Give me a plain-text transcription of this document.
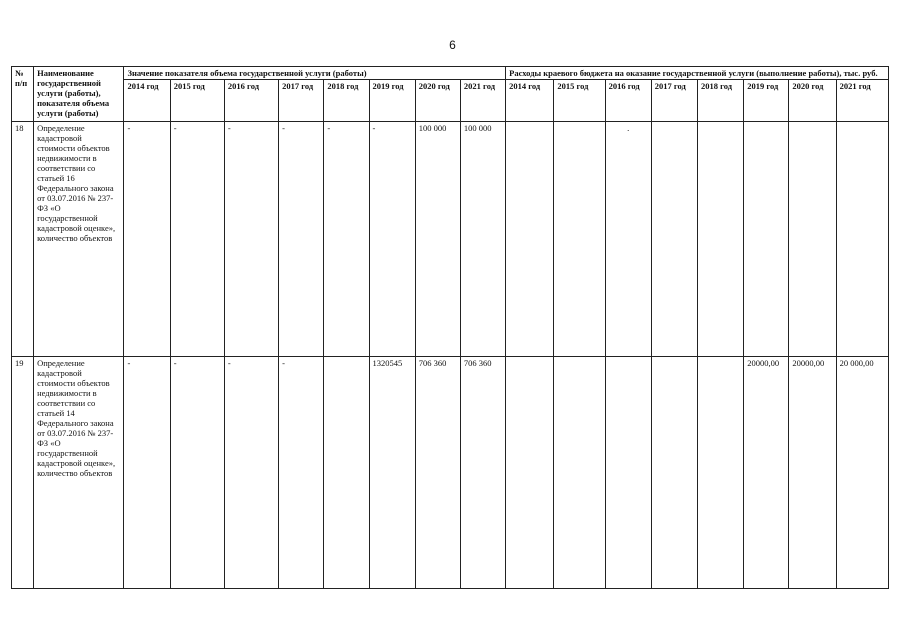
6
№ п/п	Наименование государственной услуги (работы), показателя объема услуги (работы)	Значение показателя объема государственной услуги (работы)								Расходы краевого бюджета на оказание государственной услуги (выполнение работы), тыс. руб.							
		2014 год	2015 год	2016 год	2017 год	2018 год	2019 год	2020 год	2021 год	2014 год	2015 год	2016 год	2017 год	2018 год	2019 год	2020 год	2021 год
18	Определение кадастровой стоимости объектов недвижимости в соответствии со статьей 16 Федерального закона от 03.07.2016 № 237-ФЗ «О государственной кадастровой оценке», количество объектов	-	-	-	-	-	-	100 000	100 000			.					
19	Определение кадастровой стоимости объектов недвижимости в соответствии со статьей 14 Федерального закона от 03.07.2016 № 237-ФЗ «О государственной кадастровой оценке», количество объектов	-	-	-	-		1320545	706 360	706 360						20000,00	20000,00	20 000,00
